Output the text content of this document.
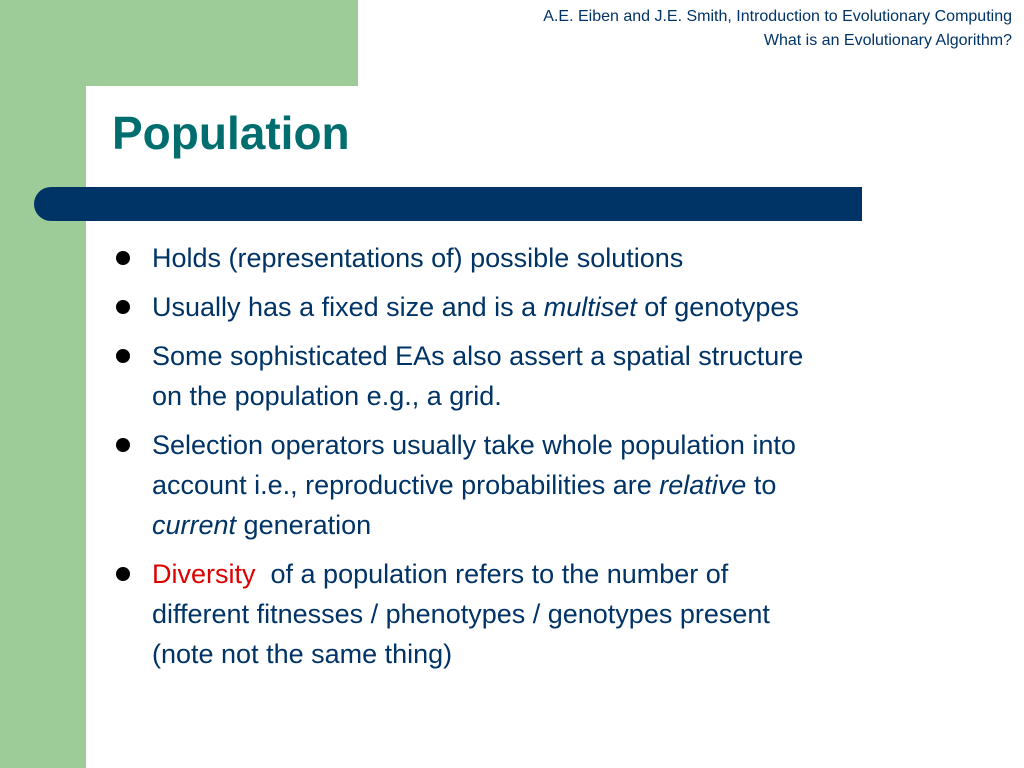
A.E. Eiben and J.E. Smith, Introduction to Evolutionary Computing
What is an Evolutionary Algorithm?
Population
Holds (representations of) possible solutions
Usually has a fixed size and is a multiset of genotypes
Some sophisticated EAs also assert a spatial structure
on the population e.g., a grid.
Selection operators usually take whole population into
account i.e., reproductive probabilities are relative to
current generation
Diversity  of a population refers to the number of
different fitnesses / phenotypes / genotypes present
(note not the same thing)
